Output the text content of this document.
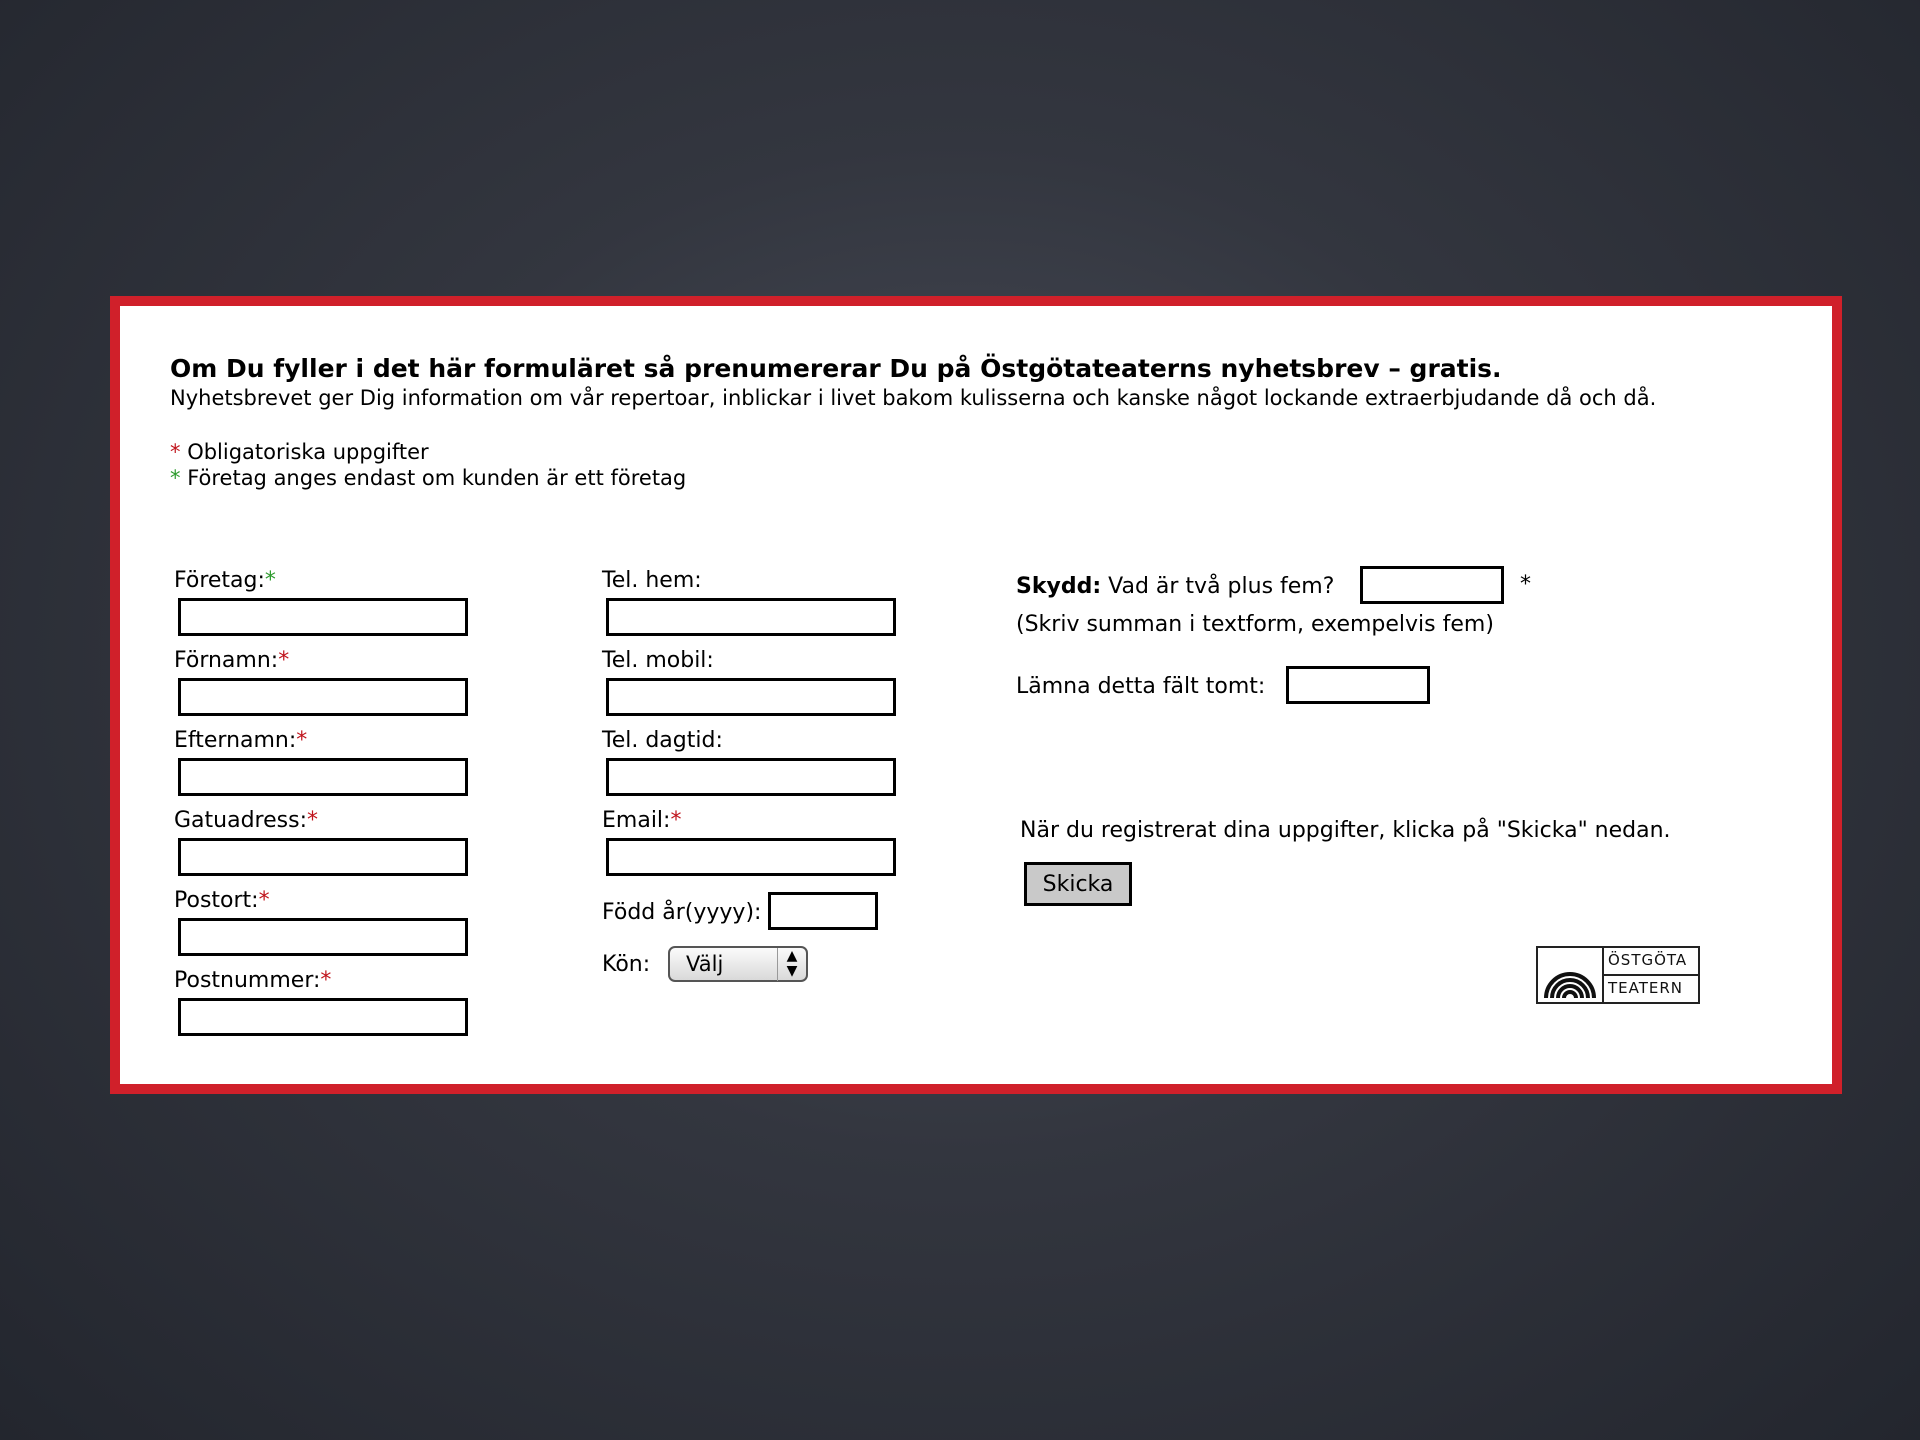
Om Du fyller i det här formuläret så prenumererar Du på Östgötateaterns nyhetsbrev – gratis.
Nyhetsbrevet ger Dig information om vår repertoar, inblickar i livet bakom kulisserna och kanske något lockande extraerbjudande då och då.
* Obligatoriska uppgifter
* Företag anges endast om kunden är ett företag
Företag:*
Förnamn:*
Efternamn:*
Gatuadress:*
Postort:*
Postnummer:*
Tel. hem:
Tel. mobil:
Tel. dagtid:
Email:*
Född år(yyyy):
Kön:	Välj	▲
▼
Skydd: Vad är två plus fem?	*
(Skriv summan i textform, exempelvis fem)
Lämna detta fält tomt:
När du registrerat dina uppgifter, klicka på "Skicka" nedan.
Skicka
ÖSTGÖTA
TEATERN
